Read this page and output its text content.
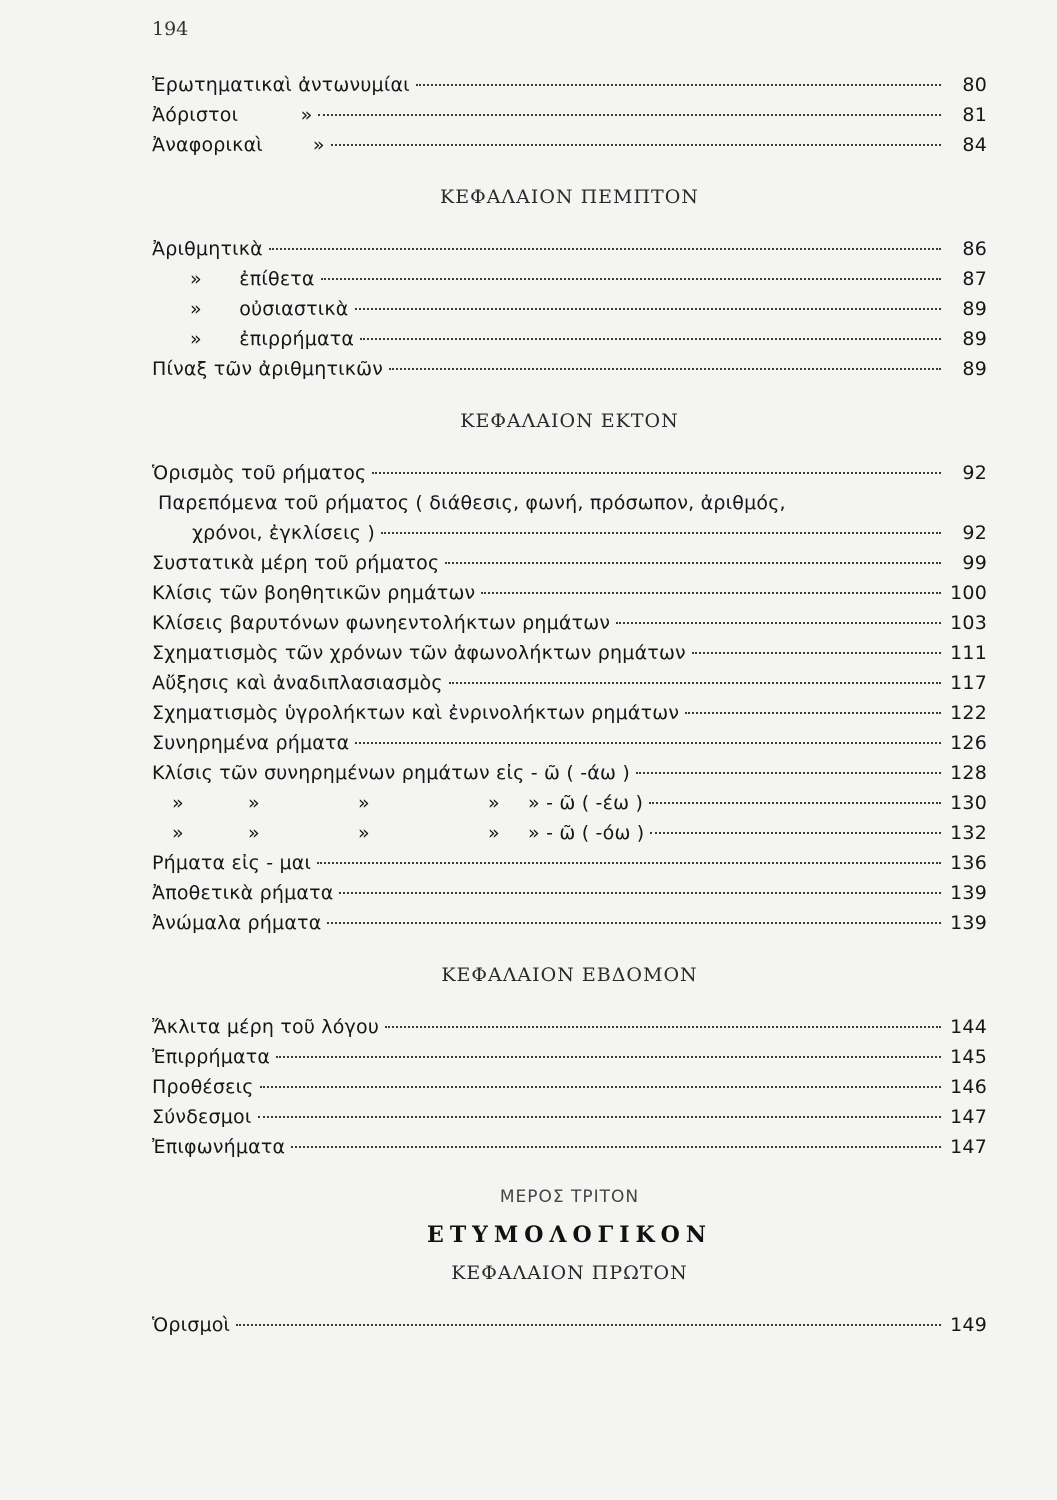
194
Ἐρωτηματικαὶ ἀντωνυμίαι	80
Ἀόριστοι          »	81
Ἀναφορικαὶ        »	84
ΚΕΦΑΛΑΙΟΝ ΠΕΜΠΤΟΝ
Ἀριθμητικὰ	86
»      ἐπίθετα	87
»      οὐσιαστικὰ	89
»      ἐπιρρήματα	89
Πίναξ τῶν ἀριθμητικῶν	89
ΚΕΦΑΛΑΙΟΝ ΕΚΤΟΝ
Ὁρισμὸς τοῦ ρήματος	92
Παρεπόμενα τοῦ ρήματος ( διάθεσις, φωνή, πρόσωπον, ἀριθμός,
χρόνοι, ἐγκλίσεις )	92
Συστατικὰ μέρη τοῦ ρήματος	99
Κλίσις τῶν βοηθητικῶν ρημάτων	100
Κλίσεις βαρυτόνων φωνηεντολήκτων ρημάτων	103
Σχηματισμὸς τῶν χρόνων τῶν ἀφωνολήκτων ρημάτων	111
Αὔξησις καὶ ἀναδιπλασιασμὸς	117
Σχηματισμὸς ὑγρολήκτων καὶ ἐνρινολήκτων ρημάτων	122
Συνηρημένα ρήματα	126
Κλίσις τῶν συνηρημένων ρημάτων εἰς - ῶ ( -άω )	128
»	»	»	»	» - ῶ ( -έω )	130
»	»	»	»	» - ῶ ( -όω )	132
Ρήματα εἰς - μαι	136
Ἀποθετικὰ ρήματα	139
Ἀνώμαλα ρήματα	139
ΚΕΦΑΛΑΙΟΝ ΕΒΔΟΜΟΝ
Ἄκλιτα μέρη τοῦ λόγου	144
Ἐπιρρήματα	145
Προθέσεις	146
Σύνδεσμοι	147
Ἐπιφωνήματα	147
ΜΕΡΟΣ ΤΡΙΤΟΝ
ΕΤΥΜΟΛΟΓΙΚΟΝ
ΚΕΦΑΛΑΙΟΝ ΠΡΩΤΟΝ
Ὁρισμοὶ	149
